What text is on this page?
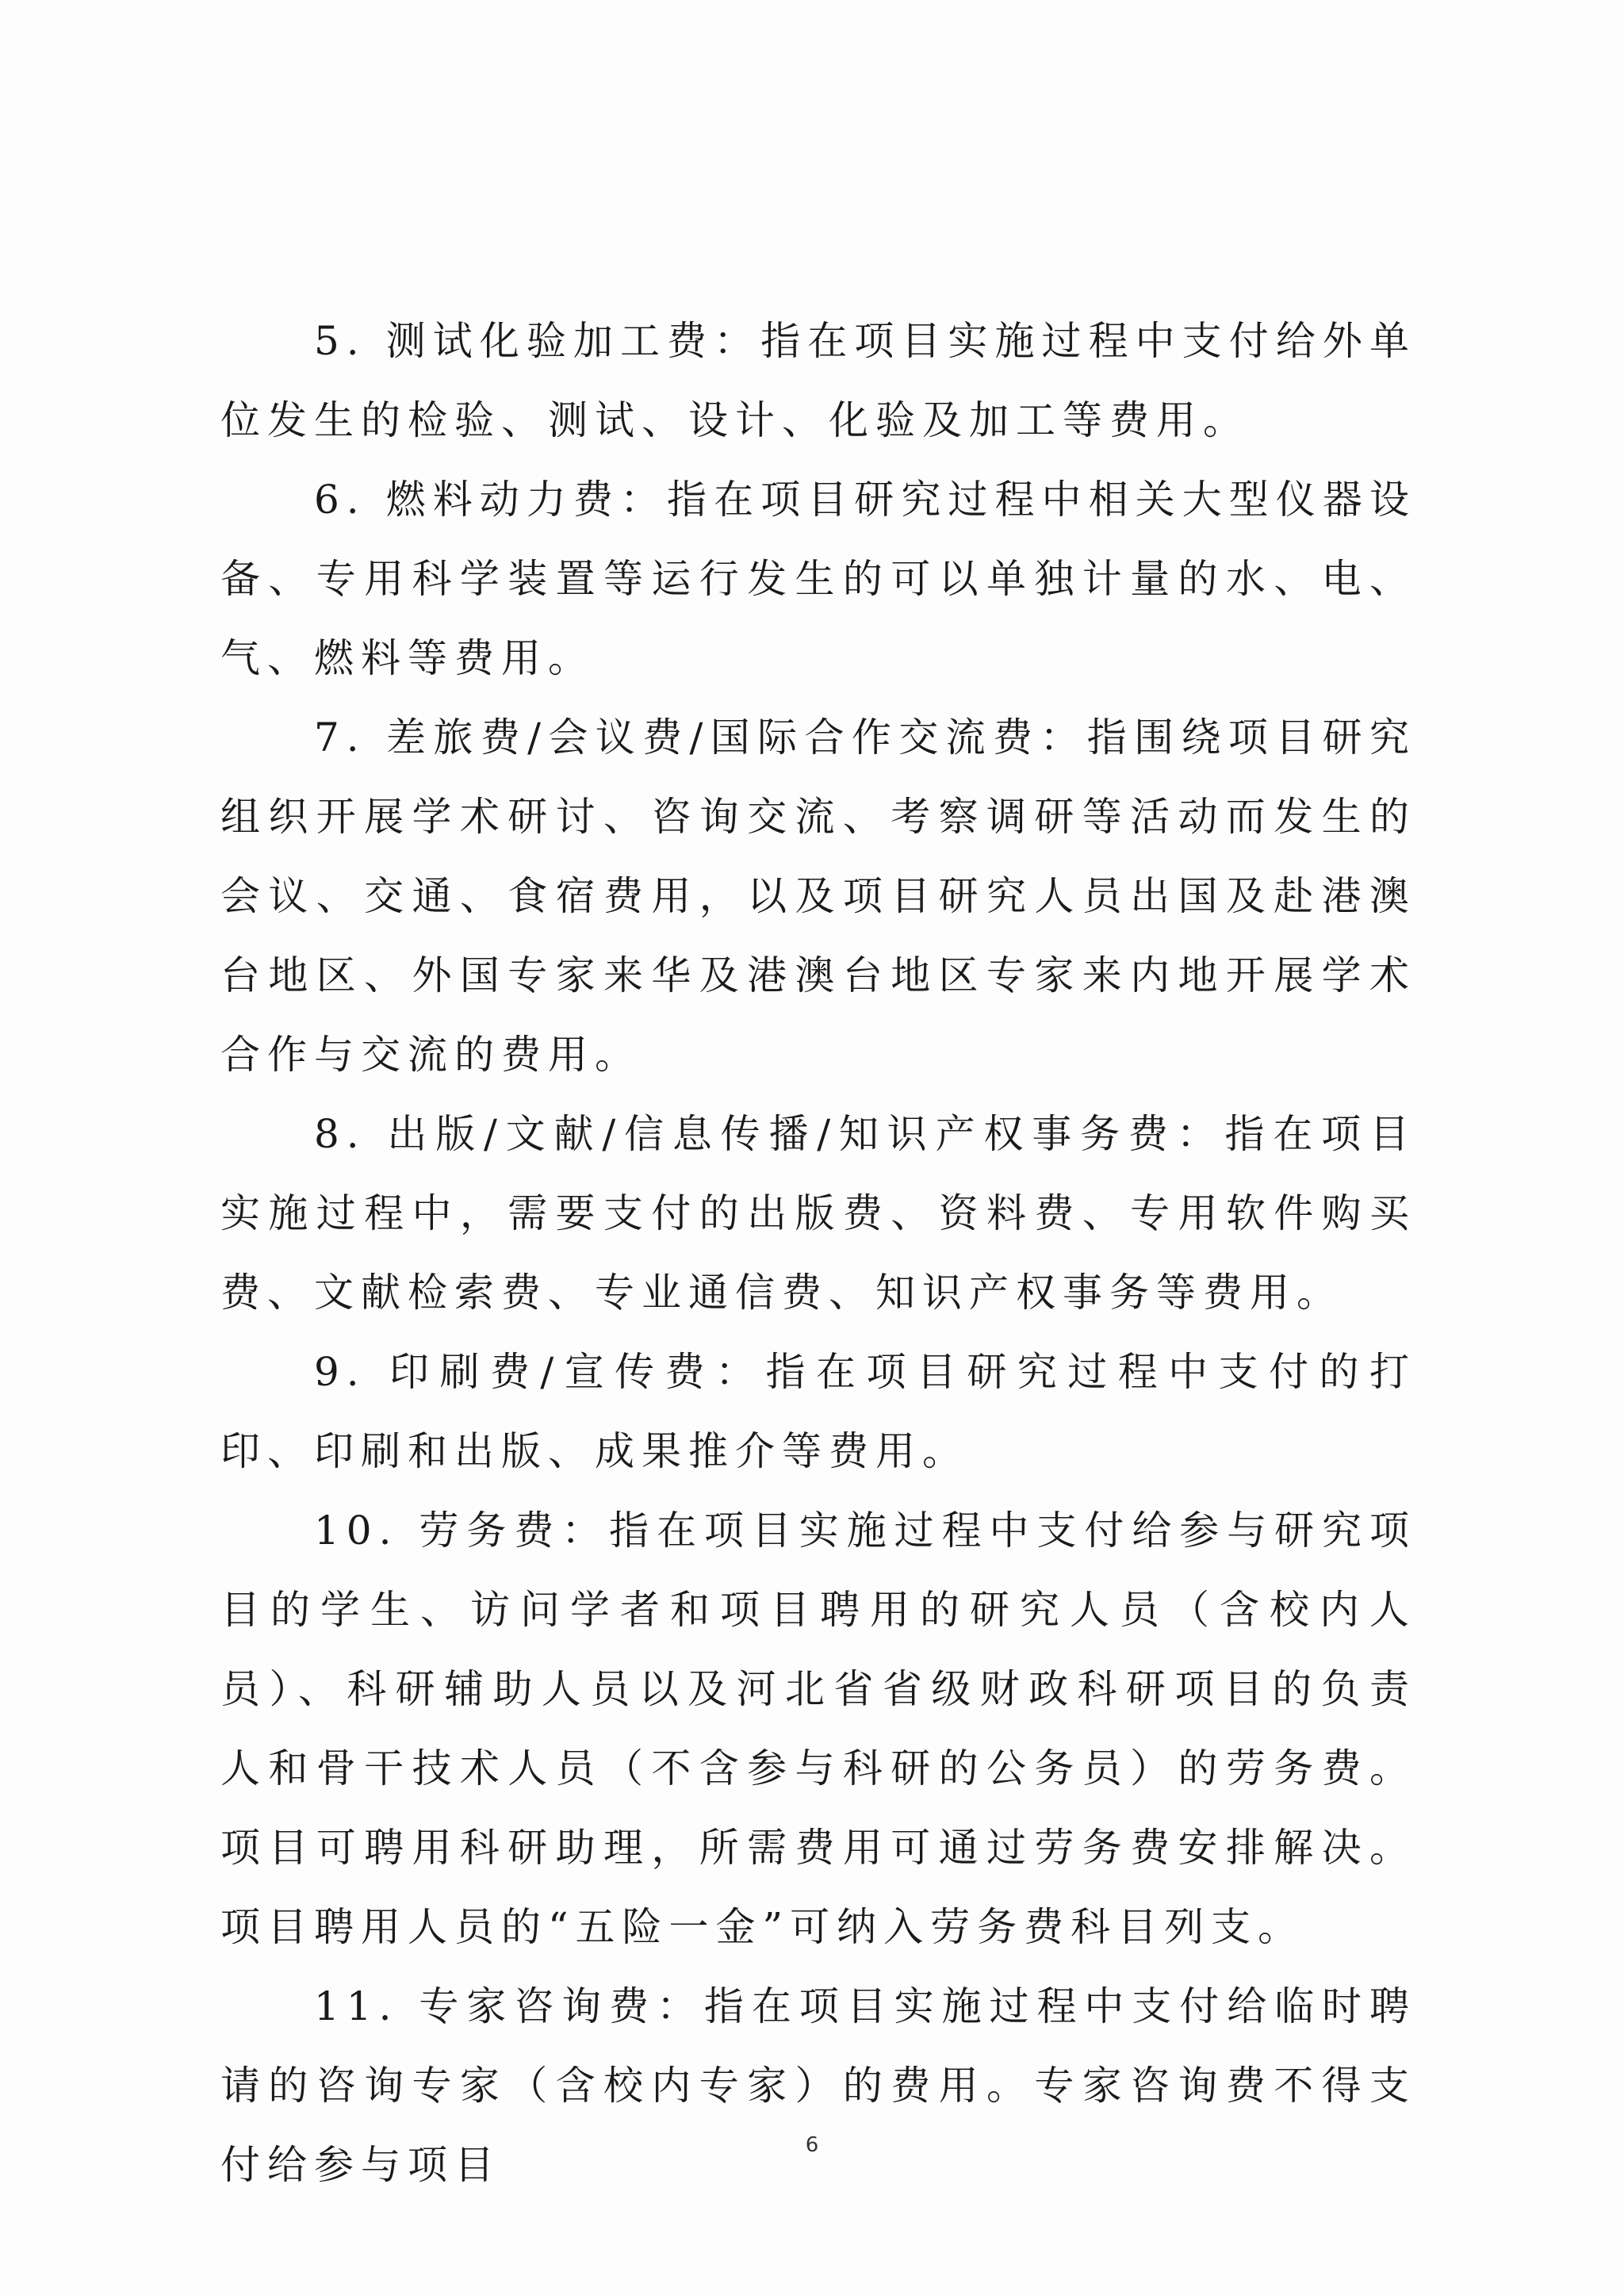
5. 测试化验加工费：指在项目实施过程中支付给外单位发生的检验、测试、设计、化验及加工等费用。

6. 燃料动力费：指在项目研究过程中相关大型仪器设备、专用科学装置等运行发生的可以单独计量的水、电、气、燃料等费用。

7. 差旅费/会议费/国际合作交流费：指围绕项目研究组织开展学术研讨、咨询交流、考察调研等活动而发生的会议、交通、食宿费用，以及项目研究人员出国及赴港澳台地区、外国专家来华及港澳台地区专家来内地开展学术合作与交流的费用。

8. 出版/文献/信息传播/知识产权事务费：指在项目实施过程中，需要支付的出版费、资料费、专用软件购买费、文献检索费、专业通信费、知识产权事务等费用。

9. 印刷费/宣传费：指在项目研究过程中支付的打印、印刷和出版、成果推介等费用。

10. 劳务费：指在项目实施过程中支付给参与研究项目的学生、访问学者和项目聘用的研究人员（含校内人员）、科研辅助人员以及河北省省级财政科研项目的负责人和骨干技术人员（不含参与科研的公务员）的劳务费。项目可聘用科研助理，所需费用可通过劳务费安排解决。项目聘用人员的“五险一金”可纳入劳务费科目列支。

11. 专家咨询费：指在项目实施过程中支付给临时聘请的咨询专家（含校内专家）的费用。专家咨询费不得支付给参与项目	6
